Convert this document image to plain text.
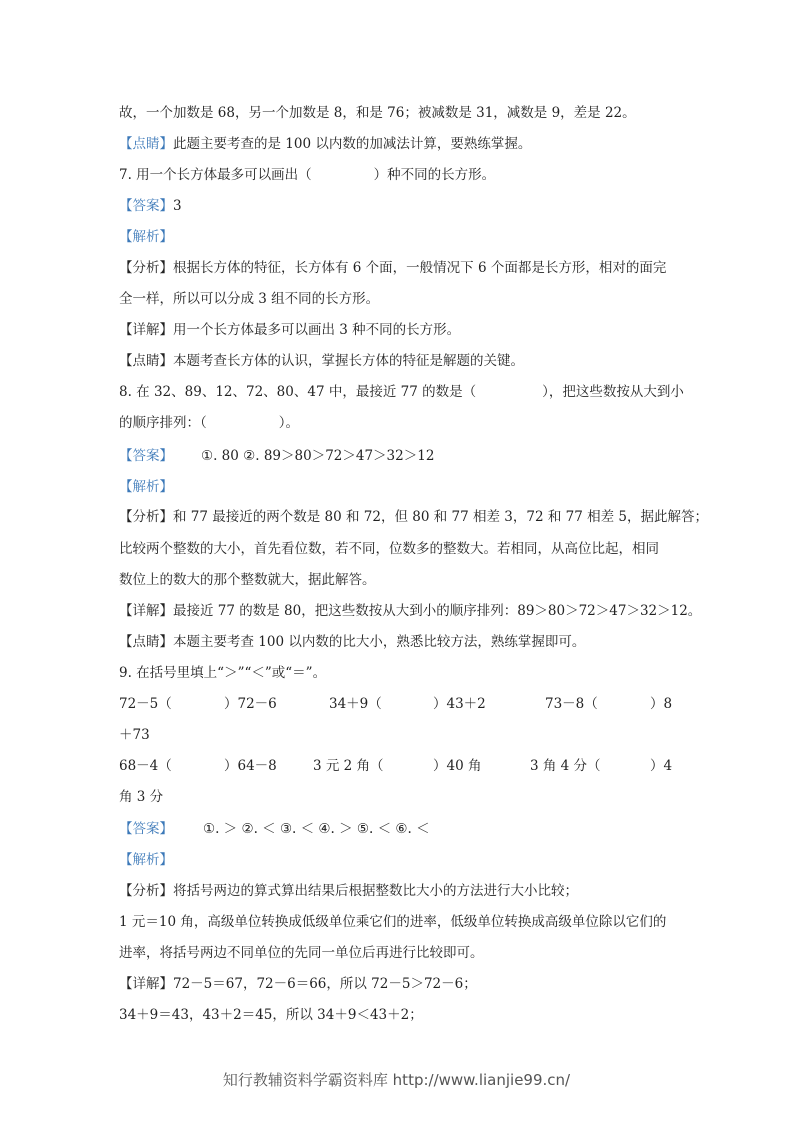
故，一个加数是 68，另一个加数是 8，和是 76；被减数是 31，减数是 9，差是 22。
【点睛】此题主要考查的是 100 以内数的加减法计算，要熟练掌握。
7. 用一个长方体最多可以画出（	）种不同的长方形。
【答案】3
【解析】
【分析】根据长方体的特征，长方体有 6 个面，一般情况下 6 个面都是长方形，相对的面完
全一样，所以可以分成 3 组不同的长方形。
【详解】用一个长方体最多可以画出 3 种不同的长方形。
【点睛】本题考查长方体的认识，掌握长方体的特征是解题的关键。
8. 在 32、89、12、72、80、47 中，最接近 77 的数是（	），把这些数按从大到小
的顺序排列：（	）。
【答案】 ①. 80 ②. 89＞80＞72＞47＞32＞12
【解析】
【分析】和 77 最接近的两个数是 80 和 72，但 80 和 77 相差 3，72 和 77 相差 5，据此解答；
比较两个整数的大小，首先看位数，若不同，位数多的整数大。若相同，从高位比起，相同
数位上的数大的那个整数就大，据此解答。
【详解】最接近 77 的数是 80，把这些数按从大到小的顺序排列：89＞80＞72＞47＞32＞12。
【点睛】本题主要考查 100 以内数的比大小，熟悉比较方法，熟练掌握即可。
9. 在括号里填上“＞”“＜”或“＝”。
72－5（	）72－6	34＋9（	）43＋2	73－8（	）8
＋73
68－4（	）64－8	3 元 2 角（	）40 角	3 角 4 分（	）4
角 3 分
【答案】 ①. ＞ ②. ＜ ③. ＜ ④. ＞ ⑤. ＜ ⑥. ＜
【解析】
【分析】将括号两边的算式算出结果后根据整数比大小的方法进行大小比较；
1 元＝10 角，高级单位转换成低级单位乘它们的进率，低级单位转换成高级单位除以它们的
进率，将括号两边不同单位的先同一单位后再进行比较即可。
【详解】72－5＝67，72－6＝66，所以 72－5＞72－6；
34＋9＝43，43＋2＝45，所以 34＋9＜43＋2；
知行教辅资料学霸资料库 http://www.lianjie99.cn/
